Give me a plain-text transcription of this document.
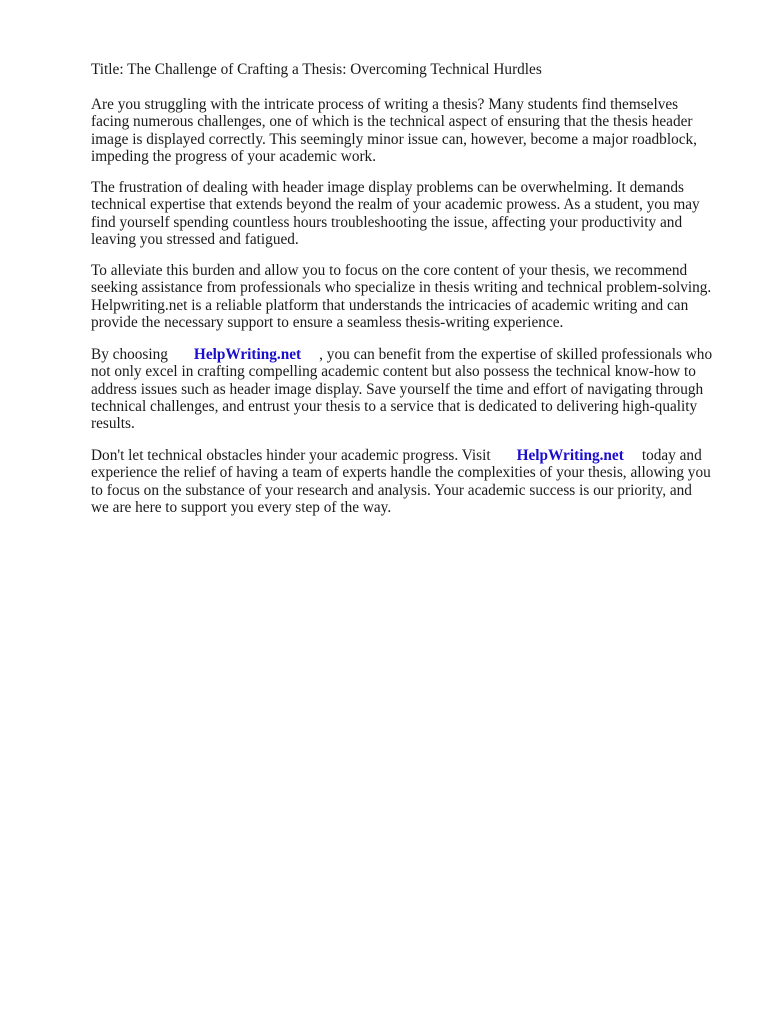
Title: The Challenge of Crafting a Thesis: Overcoming Technical Hurdles

Are you struggling with the intricate process of writing a thesis? Many students find themselves
facing numerous challenges, one of which is the technical aspect of ensuring that the thesis header
image is displayed correctly. This seemingly minor issue can, however, become a major roadblock,
impeding the progress of your academic work.

The frustration of dealing with header image display problems can be overwhelming. It demands
technical expertise that extends beyond the realm of your academic prowess. As a student, you may
find yourself spending countless hours troubleshooting the issue, affecting your productivity and
leaving you stressed and fatigued.

To alleviate this burden and allow you to focus on the core content of your thesis, we recommend
seeking assistance from professionals who specialize in thesis writing and technical problem-solving.
Helpwriting.net is a reliable platform that understands the intricacies of academic writing and can
provide the necessary support to ensure a seamless thesis-writing experience.

By choosing HelpWriting.net , you can benefit from the expertise of skilled professionals who
not only excel in crafting compelling academic content but also possess the technical know-how to
address issues such as header image display. Save yourself the time and effort of navigating through
technical challenges, and entrust your thesis to a service that is dedicated to delivering high-quality
results.

Don't let technical obstacles hinder your academic progress. Visit HelpWriting.net today and
experience the relief of having a team of experts handle the complexities of your thesis, allowing you
to focus on the substance of your research and analysis. Your academic success is our priority, and
we are here to support you every step of the way.
